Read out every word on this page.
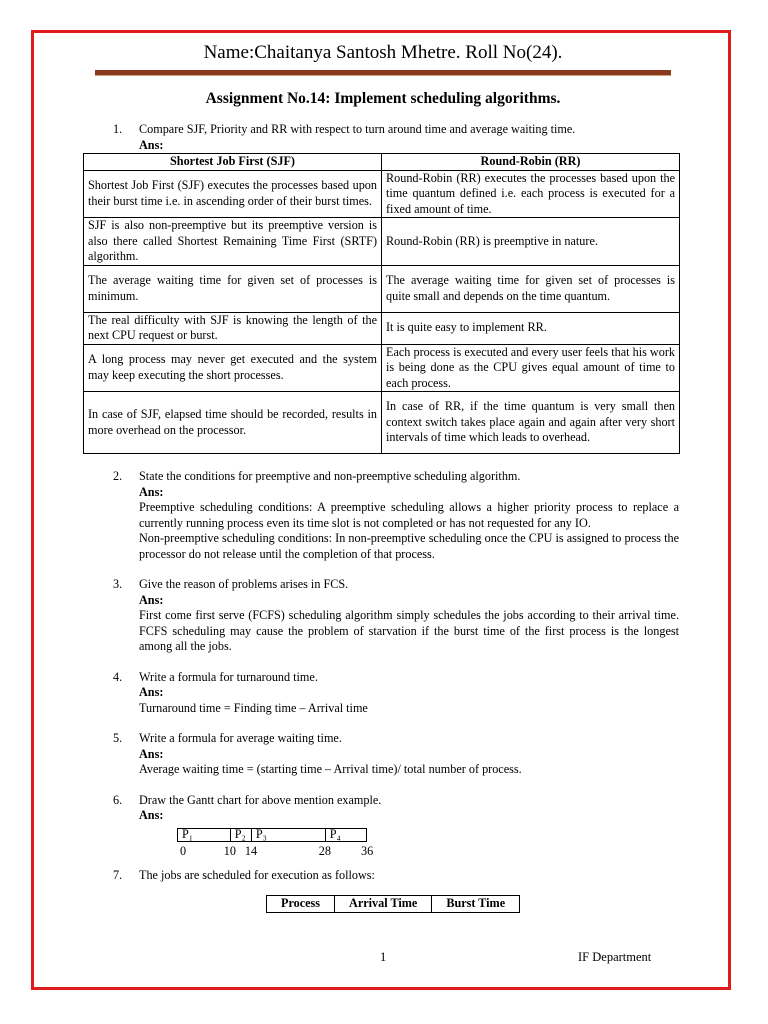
Name:Chaitanya Santosh Mhetre. Roll No(24).
Assignment No.14: Implement scheduling algorithms.
1. Compare SJF, Priority and RR with respect to turn around time and average waiting time.
Ans:
Shortest Job First (SJF)	Round-Robin (RR)
Shortest Job First (SJF) executes the processes based upon their burst time i.e. in ascending order of their burst times.	Round-Robin (RR) executes the processes based upon the time quantum defined i.e. each process is executed for a fixed amount of time.
SJF is also non-preemptive but its preemptive version is also there called Shortest Remaining Time First (SRTF) algorithm.	Round-Robin (RR) is preemptive in nature.
The average waiting time for given set of processes is minimum.	The average waiting time for given set of processes is quite small and depends on the time quantum.
The real difficulty with SJF is knowing the length of the next CPU request or burst.	It is quite easy to implement RR.
A long process may never get executed and the system may keep executing the short processes.	Each process is executed and every user feels that his work is being done as the CPU gives equal amount of time to each process.
In case of SJF, elapsed time should be recorded, results in more overhead on the processor.	In case of RR, if the time quantum is very small then context switch takes place again and again after very short intervals of time which leads to overhead.
2. State the conditions for preemptive and non-preemptive scheduling algorithm.
Ans:
Preemptive scheduling conditions: A preemptive scheduling allows a higher priority process to replace a currently running process even its time slot is not completed or has not requested for any IO.
Non-preemptive scheduling conditions: In non-preemptive scheduling once the CPU is assigned to process the processor do not release until the completion of that process.
3. Give the reason of problems arises in FCS.
Ans:
First come first serve (FCFS) scheduling algorithm simply schedules the jobs according to their arrival time. FCFS scheduling may cause the problem of starvation if the burst time of the first process is the longest among all the jobs.
4. Write a formula for turnaround time.
Ans:
Turnaround time = Finding time – Arrival time
5. Write a formula for average waiting time.
Ans:
Average waiting time = (starting time – Arrival time)/ total number of process.
6. Draw the Gantt chart for above mention example.
Ans:
P₁	P₂ P₃	P₄
0	10 14	28 36
7. The jobs are scheduled for execution as follows:
Process	Arrival Time	Burst Time
1	IF Department
